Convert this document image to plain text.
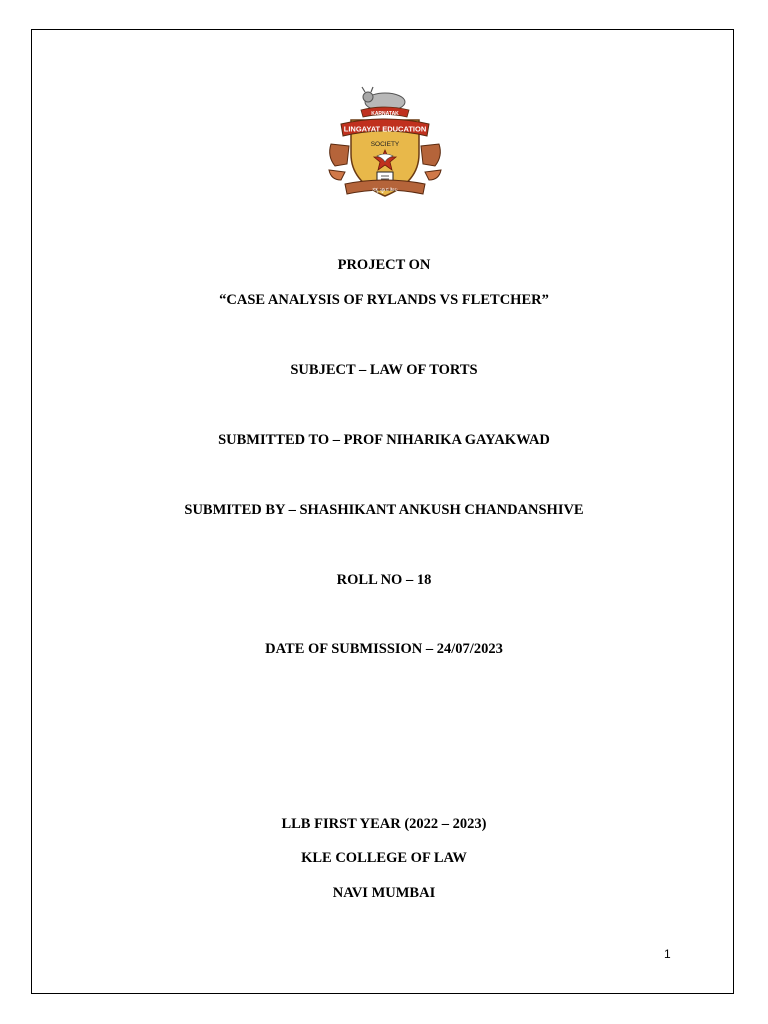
KARNATAK
LINGAYAT EDUCATION
SOCIETY
ಸತ್ಯ ಜ್ಞಾನ ಶೀಲ
PROJECT ON
“CASE ANALYSIS OF RYLANDS VS FLETCHER”
SUBJECT – LAW OF TORTS
SUBMITTED TO – PROF NIHARIKA GAYAKWAD
SUBMITED BY – SHASHIKANT ANKUSH CHANDANSHIVE
ROLL NO – 18
DATE OF SUBMISSION – 24/07/2023
LLB FIRST YEAR (2022 – 2023)
KLE COLLEGE OF LAW
NAVI MUMBAI
1
